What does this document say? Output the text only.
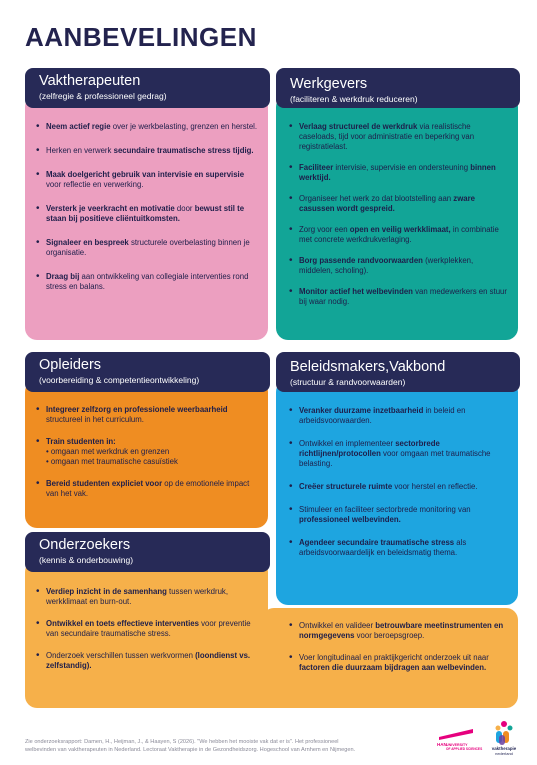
AANBEVELINGEN
Vaktherapeuten
(zelfregie & professioneel gedrag)
• Neem actief regie over je werkbelasting, grenzen en herstel.
• Herken en verwerk secundaire traumatische stress tijdig.
• Maak doelgericht gebruik van intervisie en supervisie voor reflectie en verwerking.
• Versterk je veerkracht en motivatie door bewust stil te staan bij positieve cliëntuitkomsten.
• Signaleer en bespreek structurele overbelasting binnen je organisatie.
• Draag bij aan ontwikkeling van collegiale interventies rond stress en balans.
Werkgevers
(faciliteren & werkdruk reduceren)
• Verlaag structureel de werkdruk via realistische caseloads, tijd voor administratie en beperking van registratielast.
• Faciliteer intervisie, supervisie en ondersteuning binnen werktijd.
• Organiseer het werk zo dat blootstelling aan zware casussen wordt gespreid.
• Zorg voor een open en veilig werkklimaat, in combinatie met concrete werkdrukverlaging.
• Borg passende randvoorwaarden (werkplekken, middelen, scholing).
• Monitor actief het welbevinden van medewerkers en stuur bij waar nodig.
Opleiders
(voorbereiding & competentieontwikkeling)
• Integreer zelfzorg en professionele weerbaarheid structureel in het curriculum.
• Train studenten in:
• omgaan met werkdruk en grenzen
• omgaan met traumatische casuïstiek
• Bereid studenten expliciet voor op de emotionele impact van het vak.
Beleidsmakers,Vakbond
(structuur & randvoorwaarden)
• Veranker duurzame inzetbaarheid in beleid en arbeidsvoorwaarden.
• Ontwikkel en implementeer sectorbrede richtlijnen/protocollen voor omgaan met traumatische belasting.
• Creëer structurele ruimte voor herstel en reflectie.
• Stimuleer en faciliteer sectorbrede monitoring van professioneel welbevinden.
• Agendeer secundaire traumatische stress als arbeidsvoorwaardelijk en beleidsmatig thema.
Onderzoekers
(kennis & onderbouwing)
• Verdiep inzicht in de samenhang tussen werkdruk, werkklimaat en burn-out.
• Ontwikkel en toets effectieve interventies voor preventie van secundaire traumatische stress.
• Onderzoek verschillen tussen werkvormen (loondienst vs. zelfstandig).
• Ontwikkel en valideer betrouwbare meetinstrumenten en normgegevens voor beroepsgroep.
• Voer longitudinaal en praktijkgericht onderzoek uit naar factoren die duurzaam bijdragen aan welbevinden.
Zie onderzoeksrapport: Damen, H., Heijman, J., & Haayen, S (2026). "We hebben het mooiste vak dat er is". Het professioneel
welbevinden van vaktherapeuten in Nederland. Lectoraat Vaktherapie in de Gezondheidszorg. Hogeschool van Arnhem en Nijmegen.
HAN UNIVERSITY
OF APPLIED SCIENCES vaktherapie
nederland
